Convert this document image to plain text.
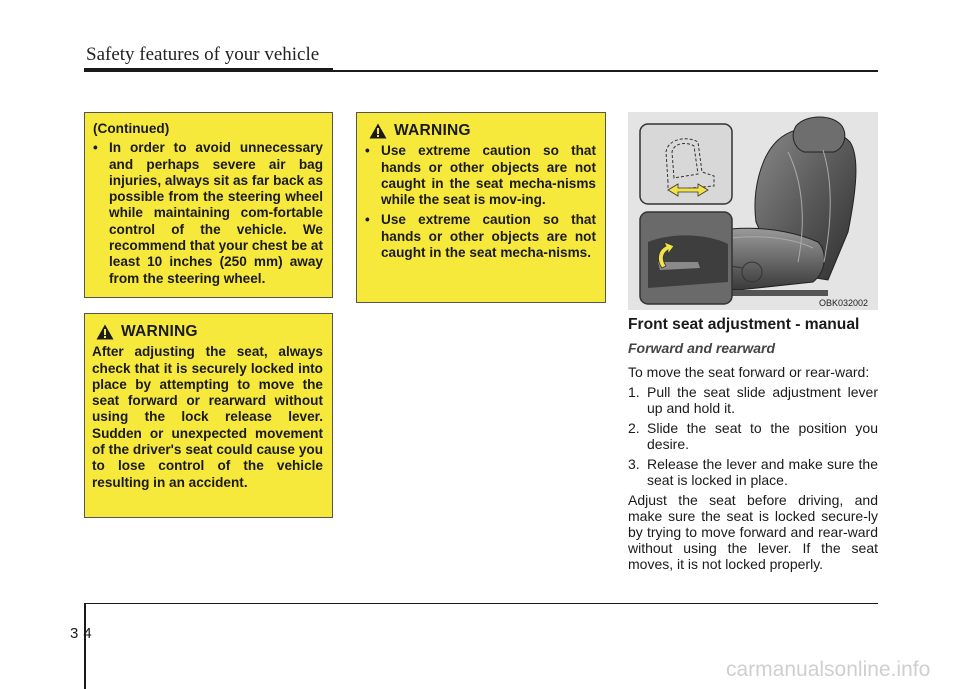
Safety features of your vehicle
(Continued)
• In order to avoid unnecessary and perhaps severe air bag injuries, always sit as far back as possible from the steering wheel while maintaining com-fortable control of the vehicle. We recommend that your chest be at least 10 inches (250 mm) away from the steering wheel.
WARNING
After adjusting the seat, always check that it is securely locked into place by attempting to move the seat forward or rearward without using the lock release lever. Sudden or unexpected movement of the driver's seat could cause you to lose control of the vehicle resulting in an accident.
WARNING
• Use extreme caution so that hands or other objects are not caught in the seat mecha-nisms while the seat is mov-ing.
• Use extreme caution so that hands or other objects are not caught in the seat mecha-nisms.
OBK032002
Front seat adjustment - manual
Forward and rearward
To move the seat forward or rear-ward:
1. Pull the seat slide adjustment lever up and hold it.
2. Slide the seat to the position you desire.
3. Release the lever and make sure the seat is locked in place.
Adjust the seat before driving, and make sure the seat is locked secure-ly by trying to move forward and rear-ward without using the lever. If the seat moves, it is not locked properly.
34
carmanualsonline.info
